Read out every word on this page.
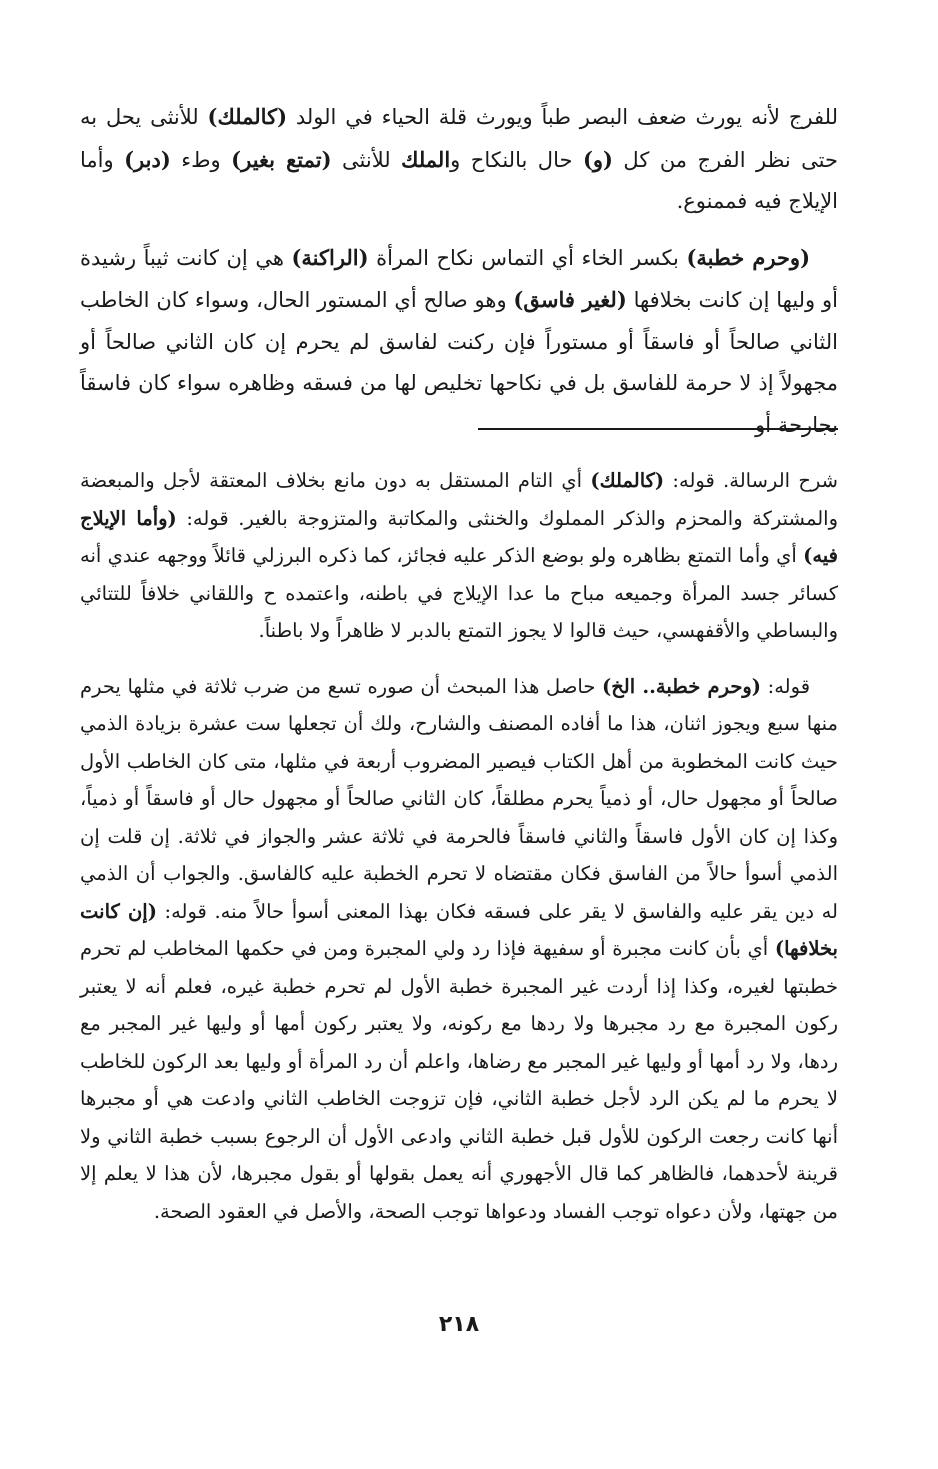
للفرج لأنه يورث ضعف البصر طباً ويورث قلة الحياء في الولد (كالملك) للأنثى يحل به حتى نظر الفرج من كل (و) حال بالنكاح والملك للأنثى (تمتع بغير) وطء (دبر) وأما الإيلاج فيه فممنوع.

(وحرم خطبة) بكسر الخاء أي التماس نكاح المرأة (الراكنة) هي إن كانت ثيباً رشيدة أو وليها إن كانت بخلافها (لغير فاسق) وهو صالح أي المستور الحال، وسواء كان الخاطب الثاني صالحاً أو فاسقاً أو مستوراً فإن ركنت لفاسق لم يحرم إن كان الثاني صالحاً أو مجهولاً إذ لا حرمة للفاسق بل في نكاحها تخليص لها من فسقه وظاهره سواء كان فاسقاً بجارحة أو

شرح الرسالة. قوله: (كالملك) أي التام المستقل به دون مانع بخلاف المعتقة لأجل والمبعضة والمشتركة والمحزم والذكر المملوك والخنثى والمكاتبة والمتزوجة بالغير. قوله: (وأما الإيلاج فيه) أي وأما التمتع بظاهره ولو بوضع الذكر عليه فجائز، كما ذكره البرزلي قائلاً ووجهه عندي أنه كسائر جسد المرأة وجميعه مباح ما عدا الإيلاج في باطنه، واعتمده ح واللقاني خلافاً للتتائي والبساطي والأقفهسي، حيث قالوا لا يجوز التمتع بالدبر لا ظاهراً ولا باطناً.

قوله: (وحرم خطبة.. الخ) حاصل هذا المبحث أن صوره تسع من ضرب ثلاثة في مثلها يحرم منها سبع ويجوز اثنان، هذا ما أفاده المصنف والشارح، ولك أن تجعلها ست عشرة بزيادة الذمي حيث كانت المخطوبة من أهل الكتاب فيصير المضروب أربعة في مثلها، متى كان الخاطب الأول صالحاً أو مجهول حال، أو ذمياً يحرم مطلقاً، كان الثاني صالحاً أو مجهول حال أو فاسقاً أو ذمياً، وكذا إن كان الأول فاسقاً والثاني فاسقاً فالحرمة في ثلاثة عشر والجواز في ثلاثة. إن قلت إن الذمي أسوأ حالاً من الفاسق فكان مقتضاه لا تحرم الخطبة عليه كالفاسق. والجواب أن الذمي له دين يقر عليه والفاسق لا يقر على فسقه فكان بهذا المعنى أسوأ حالاً منه. قوله: (إن كانت بخلافها) أي بأن كانت مجبرة أو سفيهة فإذا رد ولي المجبرة ومن في حكمها المخاطب لم تحرم خطبتها لغيره، وكذا إذا أردت غير المجبرة خطبة الأول لم تحرم خطبة غيره، فعلم أنه لا يعتبر ركون المجبرة مع رد مجبرها ولا ردها مع ركونه، ولا يعتبر ركون أمها أو وليها غير المجبر مع ردها، ولا رد أمها أو وليها غير المجبر مع رضاها، واعلم أن رد المرأة أو وليها بعد الركون للخاطب لا يحرم ما لم يكن الرد لأجل خطبة الثاني، فإن تزوجت الخاطب الثاني وادعت هي أو مجبرها أنها كانت رجعت الركون للأول قبل خطبة الثاني وادعى الأول أن الرجوع بسبب خطبة الثاني ولا قرينة لأحدهما، فالظاهر كما قال الأجهوري أنه يعمل بقولها أو بقول مجبرها، لأن هذا لا يعلم إلا من جهتها، ولأن دعواه توجب الفساد ودعواها توجب الصحة، والأصل في العقود الصحة.

٢١٨
